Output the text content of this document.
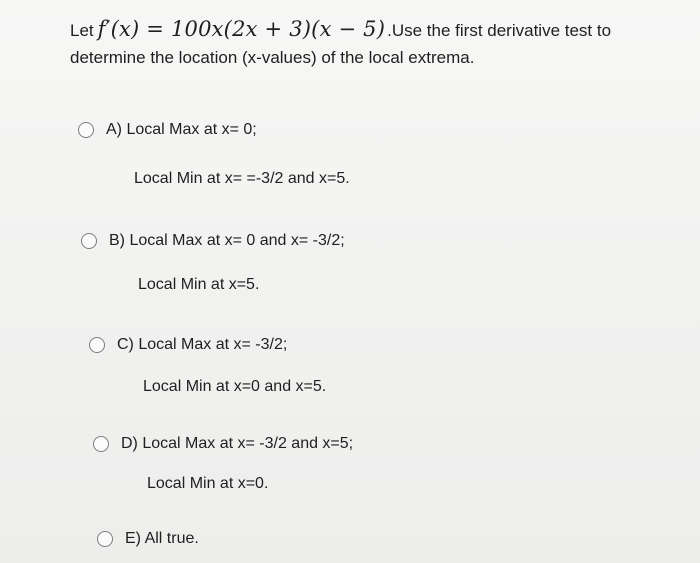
Let f′(x) = 100x(2x + 3)(x − 5) .Use the first derivative test to
determine the location (x-values) of the local extrema.
A) Local Max at x= 0;
Local Min at x= =-3/2 and x=5.
B) Local Max at x= 0 and x= -3/2;
Local Min at x=5.
C) Local Max at x= -3/2;
Local Min at x=0 and x=5.
D) Local Max at x= -3/2 and x=5;
Local Min at x=0.
E) All true.
